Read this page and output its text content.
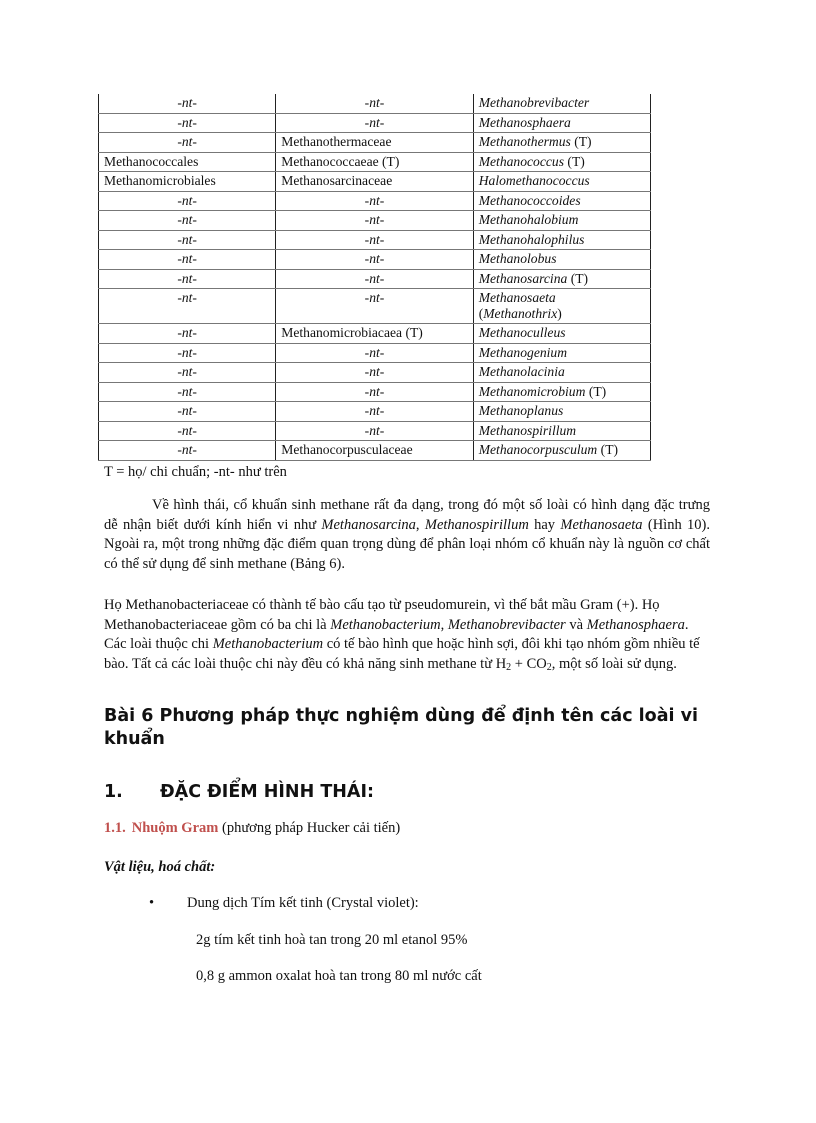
-nt-	-nt-	Methanobrevibacter
-nt-	-nt-	Methanosphaera
-nt-	Methanothermaceae	Methanothermus (T)
Methanococcales	Methanococcaeae (T)	Methanococcus (T)
Methanomicrobiales	Methanosarcinaceae	Halomethanococcus
-nt-	-nt-	Methanococcoides
-nt-	-nt-	Methanohalobium
-nt-	-nt-	Methanohalophilus
-nt-	-nt-	Methanolobus
-nt-	-nt-	Methanosarcina (T)
-nt-	-nt-	Methanosaeta
(Methanothrix)
-nt-	Methanomicrobiacaea (T)	Methanoculleus
-nt-	-nt-	Methanogenium
-nt-	-nt-	Methanolacinia
-nt-	-nt-	Methanomicrobium (T)
-nt-	-nt-	Methanoplanus
-nt-	-nt-	Methanospirillum
-nt-	Methanocorpusculaceae	Methanocorpusculum (T)
T = họ/ chi chuẩn; -nt- như trên

Về hình thái, cổ khuẩn sinh methane rất đa dạng, trong đó một số loài có hình dạng đặc trưng dễ nhận biết dưới kính hiển vi như Methanosarcina, Methanospirillum hay Methanosaeta (Hình 10). Ngoài ra, một trong những đặc điểm quan trọng dùng để phân loại nhóm cổ khuẩn này là nguồn cơ chất có thể sử dụng để sinh methane (Bảng 6).

Họ Methanobacteriaceae có thành tế bào cấu tạo từ pseudomurein, vì thế bắt mầu Gram (+). Họ Methanobacteriaceae gồm có ba chi là Methanobacterium, Methanobrevibacter và Methanosphaera. Các loài thuộc chi Methanobacterium có tế bào hình que hoặc hình sợi, đôi khi tạo nhóm gồm nhiều tế bào. Tất cả các loài thuộc chi này đều có khả năng sinh methane từ $H_2 + CO_2$, một số loài sử dụng.

Bài 6 Phương pháp thực nghiệm dùng để định tên các loài vi khuẩn
1. ĐẶC ĐIỂM HÌNH THÁI:
1.1. Nhuộm Gram (phương pháp Hucker cải tiến)
Vật liệu, hoá chất:
• Dung dịch Tím kết tinh (Crystal violet):
2g tím kết tinh hoà tan trong 20 ml etanol 95%
0,8 g ammon oxalat hoà tan trong 80 ml nước cất
